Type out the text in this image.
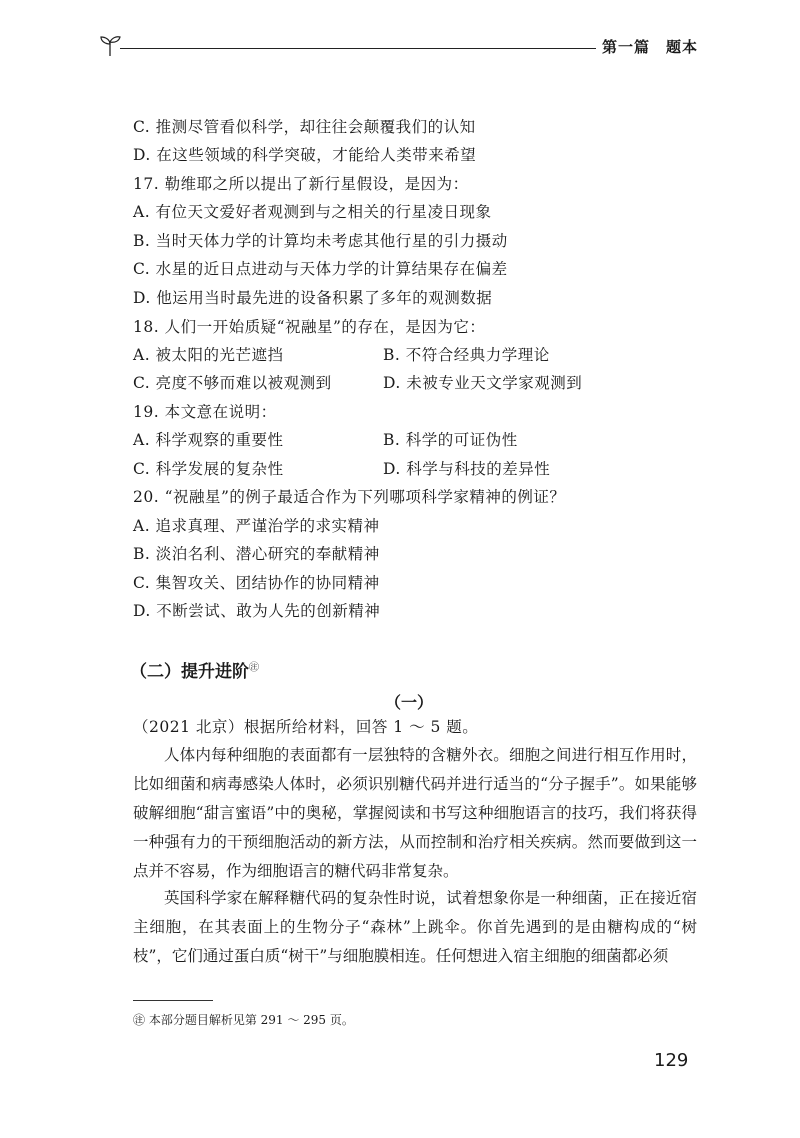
第一篇　题本
C. 推测尽管看似科学，却往往会颠覆我们的认知
D. 在这些领域的科学突破，才能给人类带来希望
17. 勒维耶之所以提出了新行星假设，是因为：
A. 有位天文爱好者观测到与之相关的行星凌日现象
B. 当时天体力学的计算均未考虑其他行星的引力摄动
C. 水星的近日点进动与天体力学的计算结果存在偏差
D. 他运用当时最先进的设备积累了多年的观测数据
18. 人们一开始质疑“祝融星”的存在，是因为它：
A. 被太阳的光芒遮挡	B. 不符合经典力学理论
C. 亮度不够而难以被观测到	D. 未被专业天文学家观测到
19. 本文意在说明：
A. 科学观察的重要性	B. 科学的可证伪性
C. 科学发展的复杂性	D. 科学与科技的差异性
20. “祝融星”的例子最适合作为下列哪项科学家精神的例证？
A. 追求真理、严谨治学的求实精神
B. 淡泊名利、潜心研究的奉献精神
C. 集智攻关、团结协作的协同精神
D. 不断尝试、敢为人先的创新精神
（二）提升进阶㊟
（一）
（2021 北京）根据所给材料，回答 1 ～ 5 题。
人体内每种细胞的表面都有一层独特的含糖外衣。细胞之间进行相互作用时，比如细菌和病毒感染人体时，必须识别糖代码并进行适当的“分子握手”。如果能够破解细胞“甜言蜜语”中的奥秘，掌握阅读和书写这种细胞语言的技巧，我们将获得一种强有力的干预细胞活动的新方法，从而控制和治疗相关疾病。然而要做到这一点并不容易，作为细胞语言的糖代码非常复杂。
英国科学家在解释糖代码的复杂性时说，试着想象你是一种细菌，正在接近宿主细胞，在其表面上的生物分子“森林”上跳伞。你首先遇到的是由糖构成的“树枝”，它们通过蛋白质“树干”与细胞膜相连。任何想进入宿主细胞的细菌都必须
㊟ 本部分题目解析见第 291 ～ 295 页。
129
